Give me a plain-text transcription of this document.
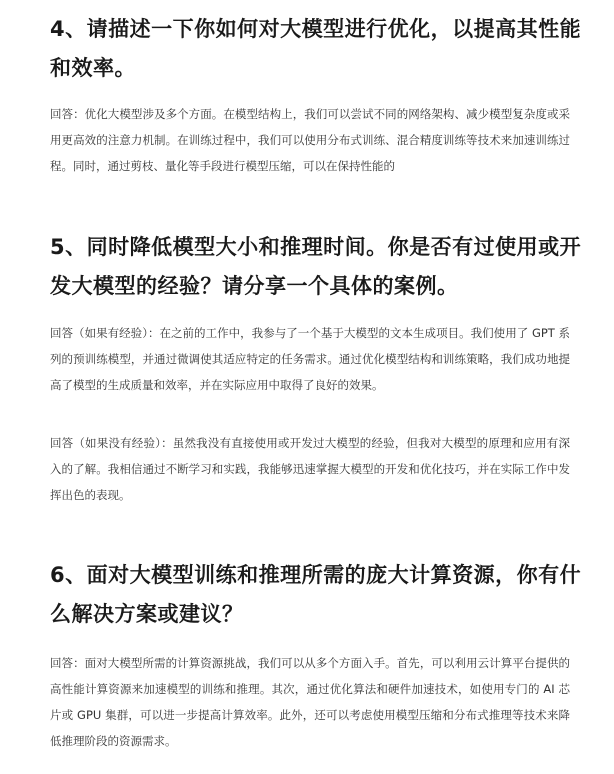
4、请描述一下你如何对大模型进行优化，以提高其性能和效率。

回答：优化大模型涉及多个方面。在模型结构上，我们可以尝试不同的网络架构、减少模型复杂度或采用更高效的注意力机制。在训练过程中，我们可以使用分布式训练、混合精度训练等技术来加速训练过程。同时，通过剪枝、量化等手段进行模型压缩，可以在保持性能的

5、同时降低模型大小和推理时间。你是否有过使用或开发大模型的经验？请分享一个具体的案例。

回答（如果有经验）：在之前的工作中，我参与了一个基于大模型的文本生成项目。我们使用了 GPT 系列的预训练模型，并通过微调使其适应特定的任务需求。通过优化模型结构和训练策略，我们成功地提高了模型的生成质量和效率，并在实际应用中取得了良好的效果。

回答（如果没有经验）：虽然我没有直接使用或开发过大模型的经验，但我对大模型的原理和应用有深入的了解。我相信通过不断学习和实践，我能够迅速掌握大模型的开发和优化技巧，并在实际工作中发挥出色的表现。

6、面对大模型训练和推理所需的庞大计算资源，你有什么解决方案或建议？

回答：面对大模型所需的计算资源挑战，我们可以从多个方面入手。首先，可以利用云计算平台提供的高性能计算资源来加速模型的训练和推理。其次，通过优化算法和硬件加速技术，如使用专门的 AI 芯片或 GPU 集群，可以进一步提高计算效率。此外，还可以考虑使用模型压缩和分布式推理等技术来降低推理阶段的资源需求。
